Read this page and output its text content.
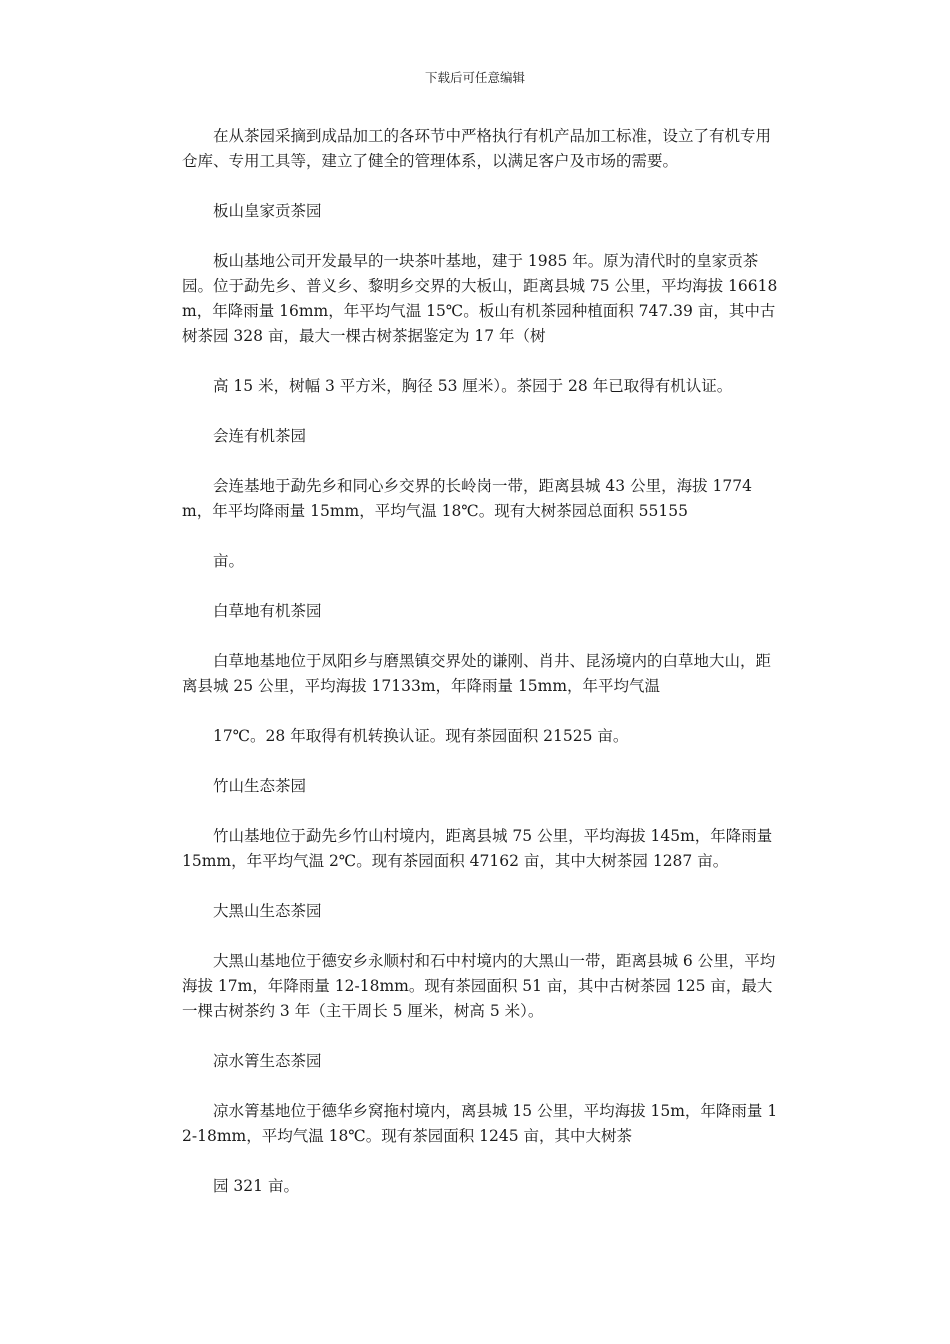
下载后可任意编辑

在从茶园采摘到成品加工的各环节中严格执行有机产品加工标准，设立了有机专用仓库、专用工具等，建立了健全的管理体系，以满足客户及市场的需要。

板山皇家贡茶园

板山基地公司开发最早的一块茶叶基地，建于 1985 年。原为清代时的皇家贡茶园。位于勐先乡、普义乡、黎明乡交界的大板山，距离县城 75 公里，平均海拔 16618m，年降雨量 16mm，年平均气温 15℃。板山有机茶园种植面积 747.39 亩，其中古树茶园 328 亩，最大一棵古树茶据鉴定为 17 年（树

高 15 米，树幅 3 平方米，胸径 53 厘米）。茶园于 28 年已取得有机认证。

会连有机茶园

会连基地于勐先乡和同心乡交界的长岭岗一带，距离县城 43 公里，海拔 1774m，年平均降雨量 15mm，平均气温 18℃。现有大树茶园总面积 55155

亩。

白草地有机茶园

白草地基地位于凤阳乡与磨黑镇交界处的谦刚、肖井、昆汤境内的白草地大山，距离县城 25 公里，平均海拔 17133m，年降雨量 15mm，年平均气温

17℃。28 年取得有机转换认证。现有茶园面积 21525 亩。

竹山生态茶园

竹山基地位于勐先乡竹山村境内，距离县城 75 公里，平均海拔 145m，年降雨量 15mm，年平均气温 2℃。现有茶园面积 47162 亩，其中大树茶园 1287 亩。

大黑山生态茶园

大黑山基地位于德安乡永顺村和石中村境内的大黑山一带，距离县城 6 公里，平均海拔 17m，年降雨量 12-18mm。现有茶园面积 51 亩，其中古树茶园 125 亩，最大一棵古树茶约 3 年（主干周长 5 厘米，树高 5 米）。

凉水箐生态茶园

凉水箐基地位于德华乡窝拖村境内，离县城 15 公里，平均海拔 15m，年降雨量 12-18mm，平均气温 18℃。现有茶园面积 1245 亩，其中大树茶

园 321 亩。
